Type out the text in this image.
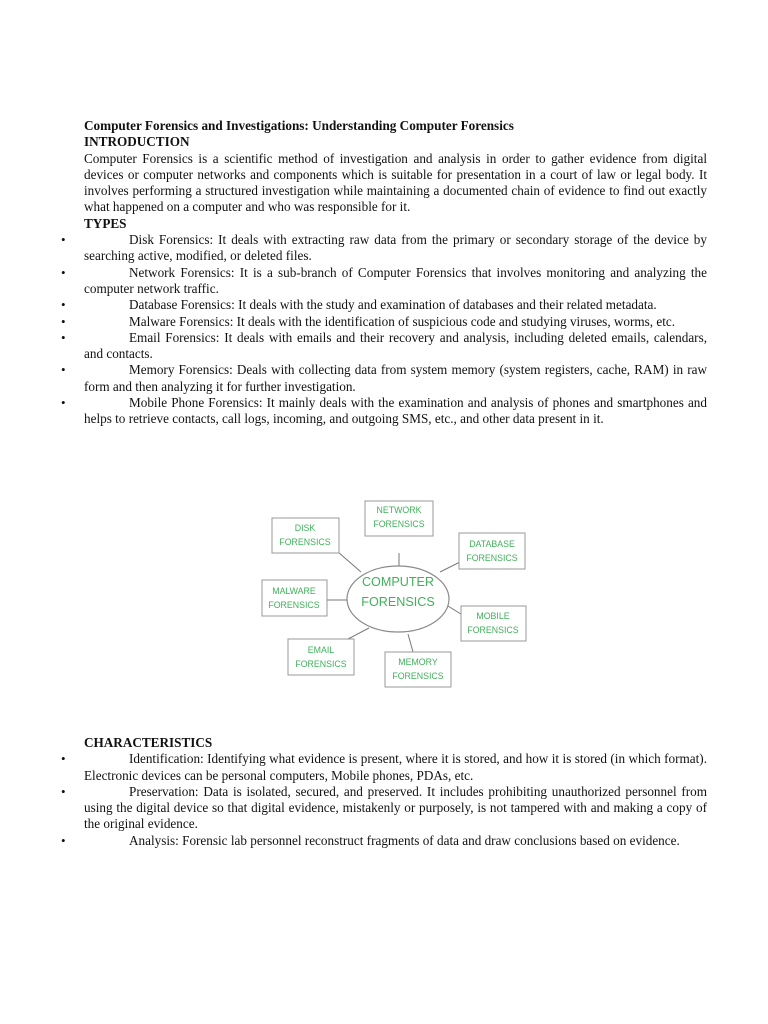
Computer Forensics and Investigations: Understanding Computer Forensics
INTRODUCTION
Computer Forensics is a scientific method of investigation and analysis in order to gather evidence from digital devices or computer networks and components which is suitable for presentation in a court of law or legal body. It involves performing a structured investigation while maintaining a documented chain of evidence to find out exactly what happened on a computer and who was responsible for it.
TYPES
•	Disk Forensics: It deals with extracting raw data from the primary or secondary storage of the device by searching active, modified, or deleted files.
•	Network Forensics: It is a sub-branch of Computer Forensics that involves monitoring and analyzing the computer network traffic.
•	Database Forensics: It deals with the study and examination of databases and their related metadata.
•	Malware Forensics: It deals with the identification of suspicious code and studying viruses, worms, etc.
•	Email Forensics: It deals with emails and their recovery and analysis, including deleted emails, calendars, and contacts.
•	Memory Forensics: Deals with collecting data from system memory (system registers, cache, RAM) in raw form and then analyzing it for further investigation.
•	Mobile Phone Forensics: It mainly deals with the examination and analysis of phones and smartphones and helps to retrieve contacts, call logs, incoming, and outgoing SMS, etc., and other data present in it.
COMPUTER
FORENSICS
NETWORK
FORENSICS
DISK
FORENSICS	DATABASE
FORENSICS
MALWARE
FORENSICS
MOBILE
FORENSICS
EMAIL
FORENSICS	MEMORY
FORENSICS
CHARACTERISTICS
•	Identification: Identifying what evidence is present, where it is stored, and how it is stored (in which format). Electronic devices can be personal computers, Mobile phones, PDAs, etc.
•	Preservation: Data is isolated, secured, and preserved. It includes prohibiting unauthorized personnel from using the digital device so that digital evidence, mistakenly or purposely, is not tampered with and making a copy of the original evidence.
•	Analysis: Forensic lab personnel reconstruct fragments of data and draw conclusions based on evidence.
